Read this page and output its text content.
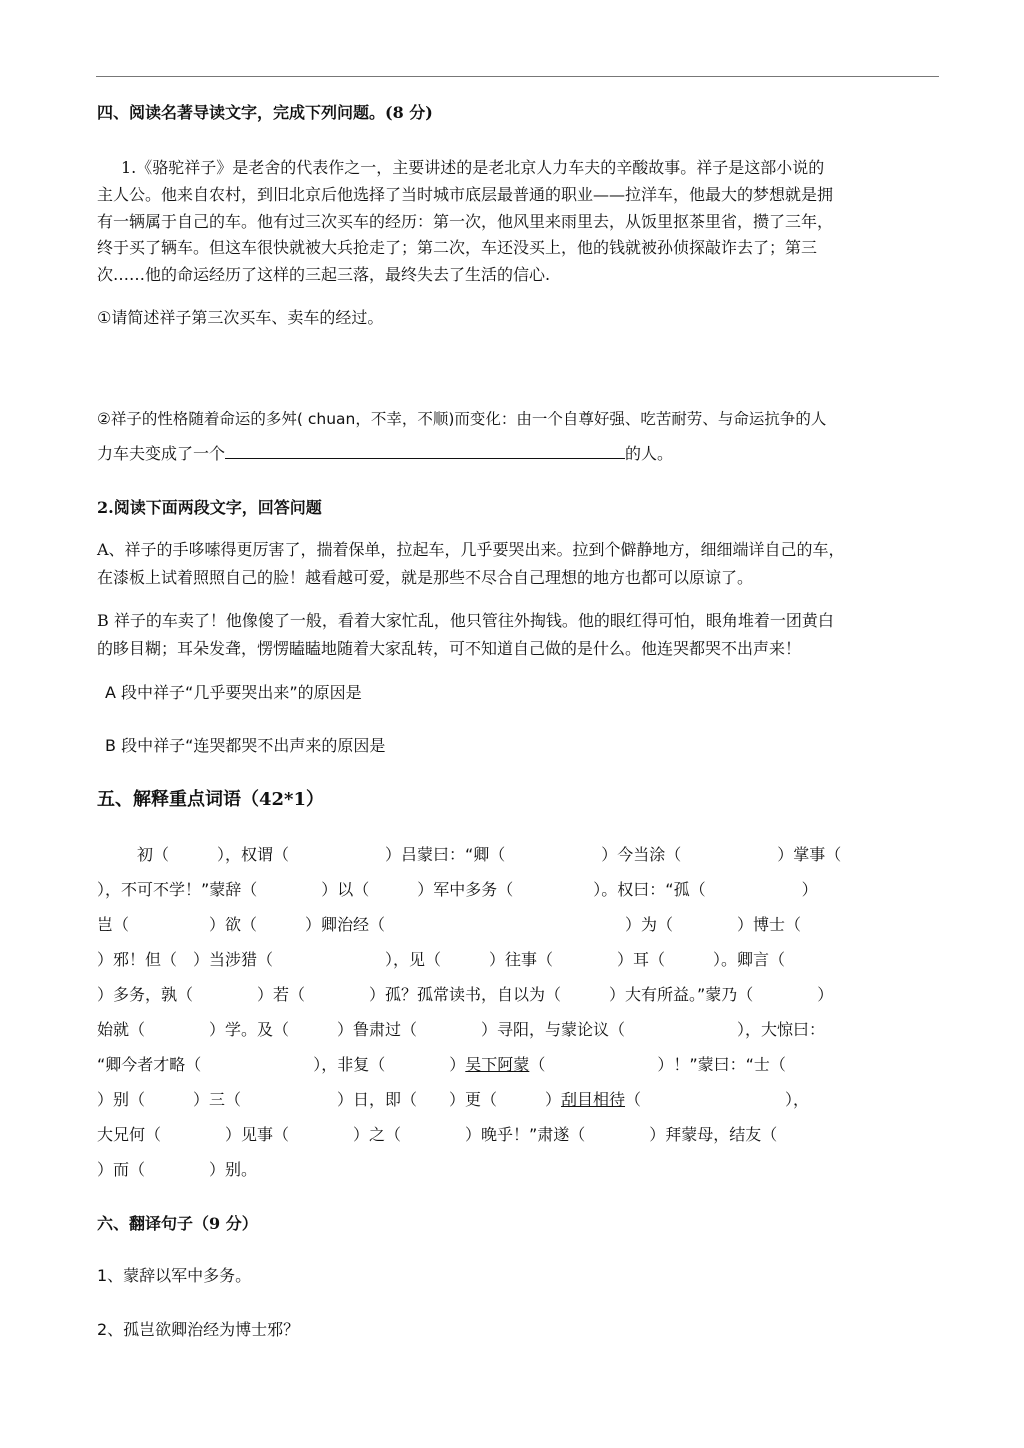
四、阅读名著导读文字，完成下列问题。(8 分)
1.《骆驼祥子》是老舍的代表作之一，主要讲述的是老北京人力车夫的辛酸故事。祥子是这部小说的
主人公。他来自农村，到旧北京后他选择了当时城市底层最普通的职业——拉洋车，他最大的梦想就是拥
有一辆属于自己的车。他有过三次买车的经历：第一次，他风里来雨里去，从饭里抠茶里省，攒了三年，
终于买了辆车。但这车很快就被大兵抢走了；第二次，车还没买上，他的钱就被孙侦探敲诈去了；第三
次……他的命运经历了这样的三起三落，最终失去了生活的信心.
①请简述祥子第三次买车、卖车的经过。
②祥子的性格随着命运的多舛( chuan，不幸，不顺)而变化：由一个自尊好强、吃苦耐劳、与命运抗争的人
力车夫变成了一个	的人。
2.阅读下面两段文字，回答问题
A、祥子的手哆嗦得更厉害了，揣着保单，拉起车，几乎要哭出来。拉到个僻静地方，细细端详自己的车，
在漆板上试着照照自己的脸！越看越可爱，就是那些不尽合自己理想的地方也都可以原谅了。
B 祥子的车卖了！他像傻了一般，看着大家忙乱，他只管往外掏钱。他的眼红得可怕，眼角堆着一团黄白
的眵目糊；耳朵发聋，愣愣瞌瞌地随着大家乱转，可不知道自己做的是什么。他连哭都哭不出声来！
A 段中祥子“几乎要哭出来”的原因是
B 段中祥子“连哭都哭不出声来的原因是
五、解释重点词语（42*1）
初（　　　），权谓（　　　　　　）吕蒙曰：“卿（　　　　　　）今当涂（　　　　　　）掌事（
），不可不学！”蒙辞（　　　　）以（　　　）军中多务（　　　　　）。权曰：“孤（　　　　　　）
岂（　　　　　）欲（　　　）卿治经（　　　　　　　　　　　　　　　）为（　　　　）博士（
）邪！但（　）当涉猎（　　　　　　　），见（　　　）往事（　　　　）耳（　　　）。卿言（
）多务，孰（　　　　）若（　　　　）孤？孤常读书，自以为（　　　）大有所益。”蒙乃（　　　　）
始就（　　　　）学。及（　　　）鲁肃过（　　　　）寻阳，与蒙论议（　　　　　　　），大惊曰：
“卿今者才略（　　　　　　　），非复（　　　　）吴下阿蒙（　　　　　　　）！”蒙曰：“士（
）别（　　　）三（　　　　　　）日，即（　　）更（　　　）刮目相待（　　　　　　　　　），
大兄何（　　　　）见事（　　　　）之（　　　　）晚乎！”肃遂（　　　　）拜蒙母，结友（
）而（　　　　）别。
六、翻译句子（9 分）
1、蒙辞以军中多务。
2、孤岂欲卿治经为博士邪？
